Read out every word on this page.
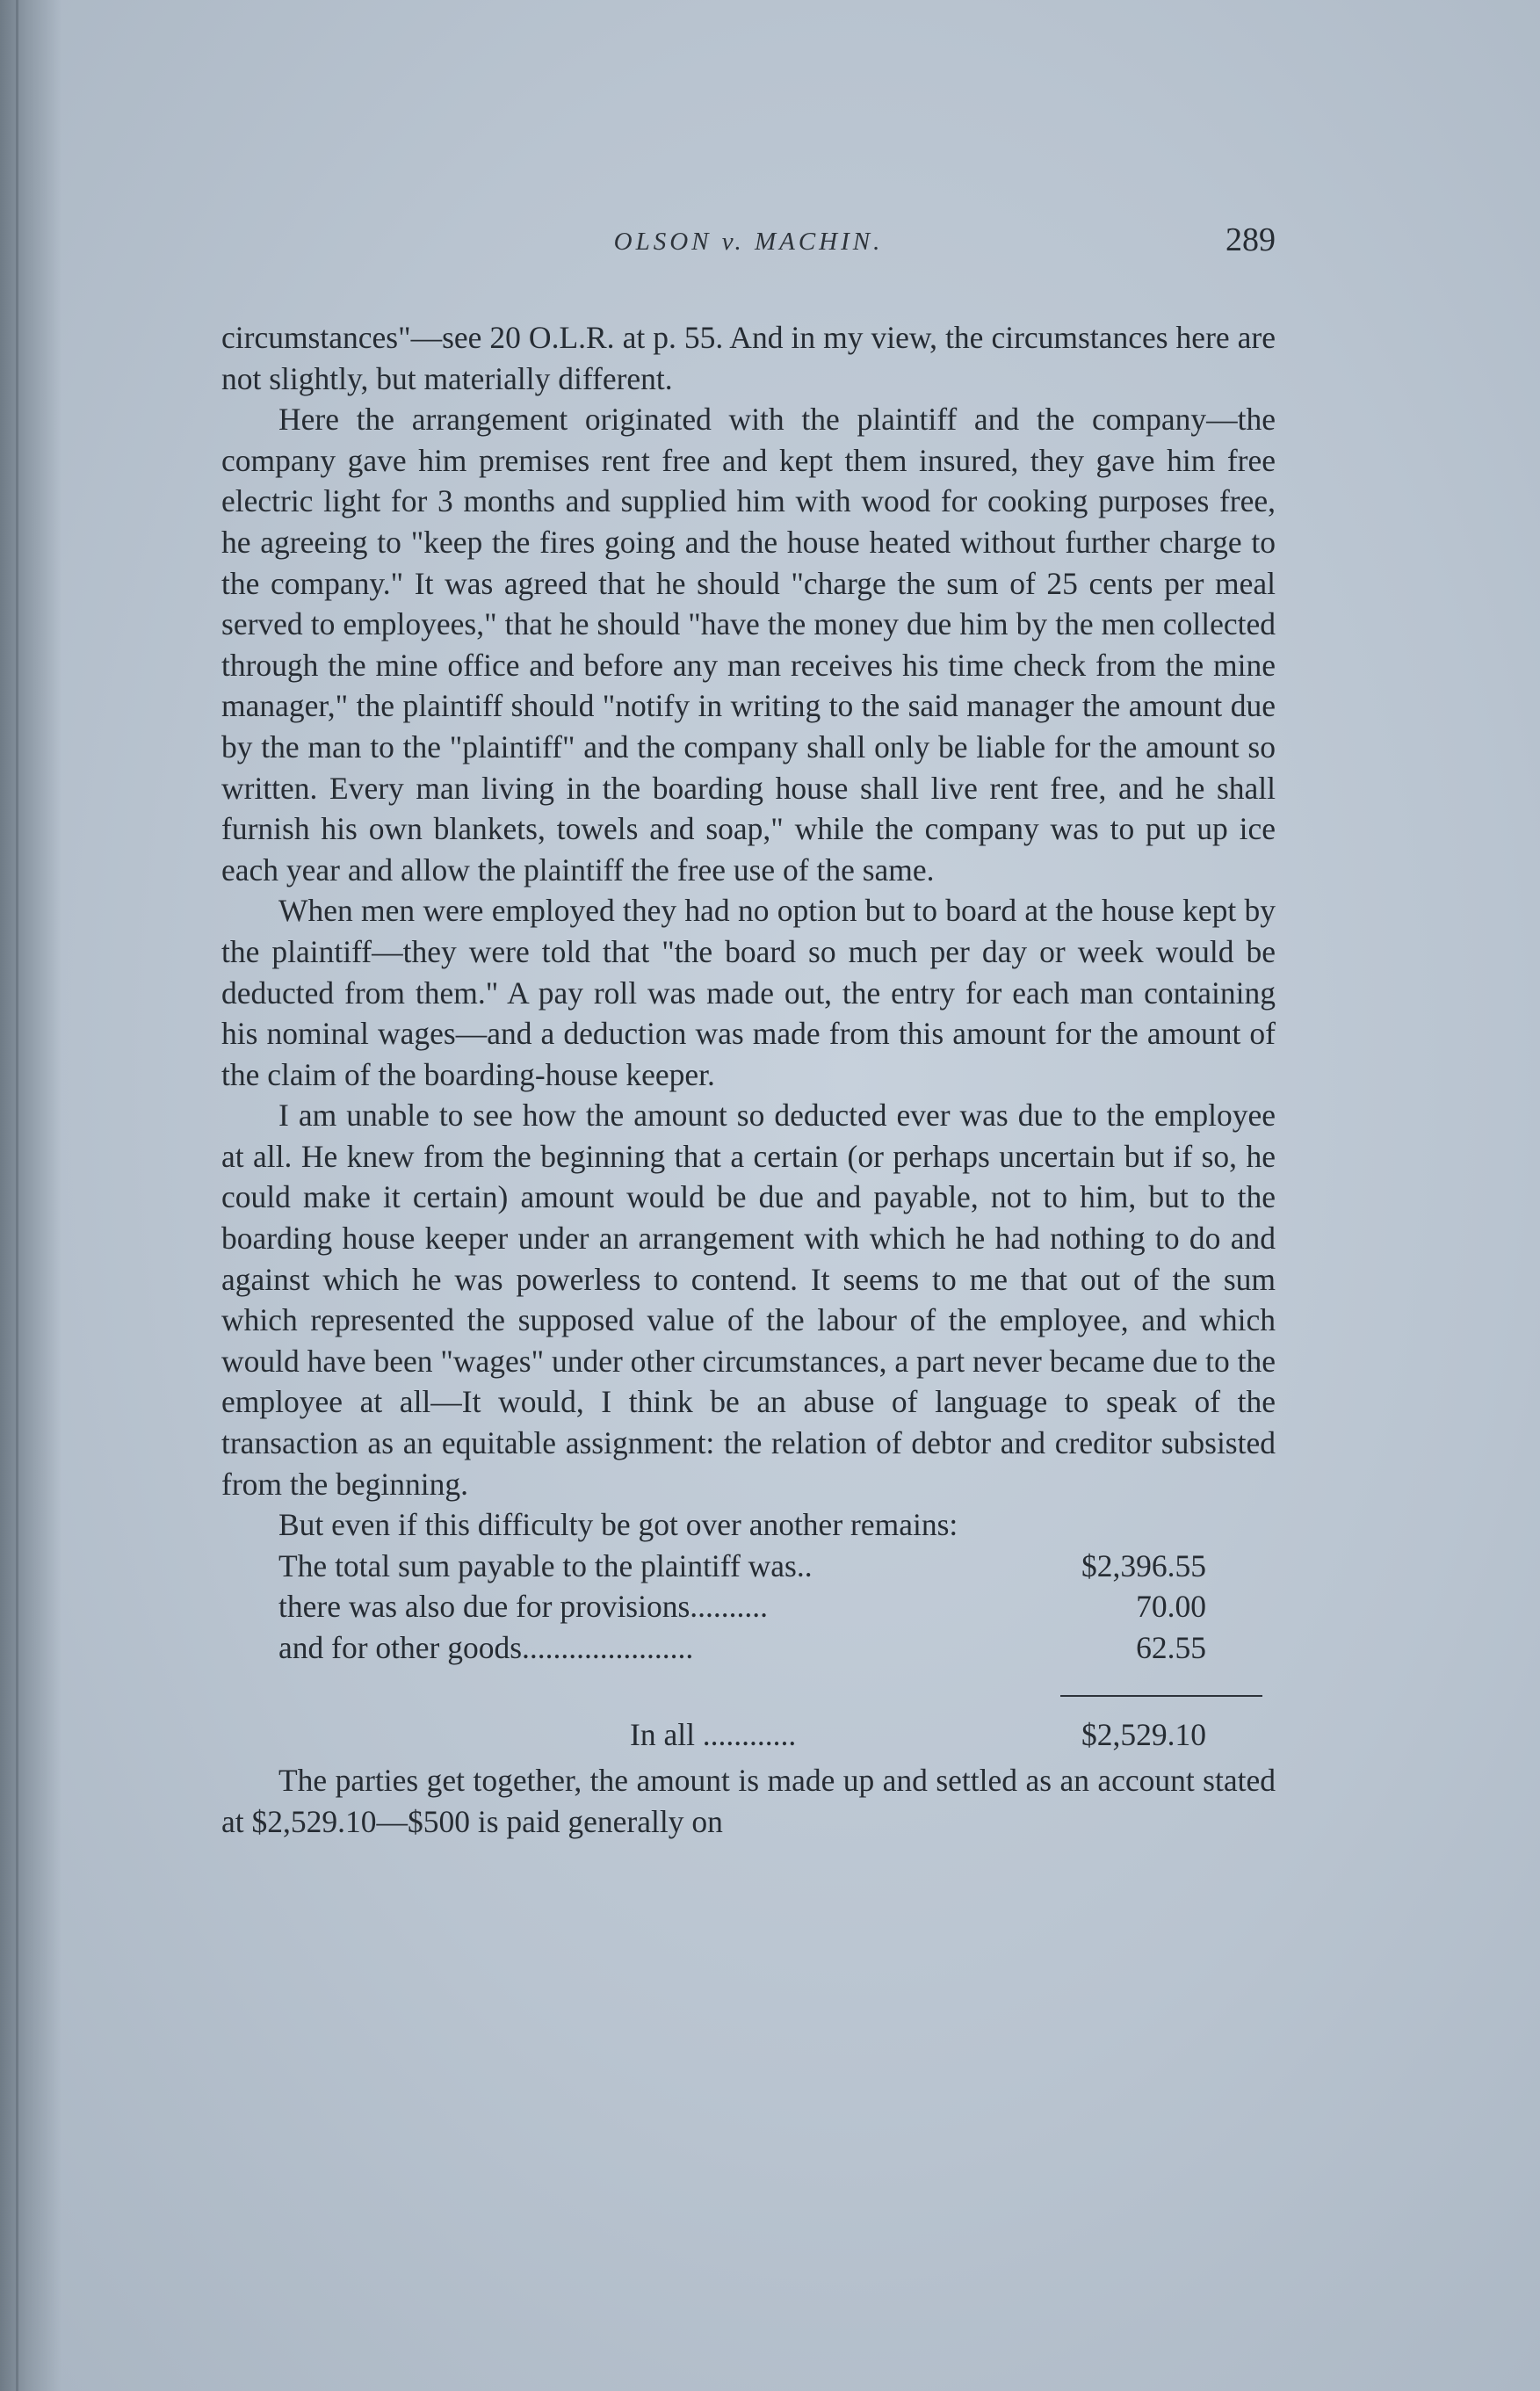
OLSON v. MACHIN.	289

circumstances"—see 20 O.L.R. at p. 55. And in my view, the circumstances here are not slightly, but materially different.

Here the arrangement originated with the plaintiff and the company—the company gave him premises rent free and kept them insured, they gave him free electric light for 3 months and supplied him with wood for cooking purposes free, he agreeing to "keep the fires going and the house heated without further charge to the company." It was agreed that he should "charge the sum of 25 cents per meal served to employees," that he should "have the money due him by the men collected through the mine office and before any man receives his time check from the mine manager," the plaintiff should "notify in writing to the said manager the amount due by the man to the "plaintiff" and the company shall only be liable for the amount so written. Every man living in the boarding house shall live rent free, and he shall furnish his own blankets, towels and soap," while the company was to put up ice each year and allow the plaintiff the free use of the same.

When men were employed they had no option but to board at the house kept by the plaintiff—they were told that "the board so much per day or week would be deducted from them." A pay roll was made out, the entry for each man containing his nominal wages—and a deduction was made from this amount for the amount of the claim of the boarding-house keeper.

I am unable to see how the amount so deducted ever was due to the employee at all. He knew from the beginning that a certain (or perhaps uncertain but if so, he could make it certain) amount would be due and payable, not to him, but to the boarding house keeper under an arrangement with which he had nothing to do and against which he was powerless to contend. It seems to me that out of the sum which represented the supposed value of the labour of the employee, and which would have been "wages" under other circumstances, a part never became due to the employee at all—It would, I think be an abuse of language to speak of the transaction as an equitable assignment: the relation of debtor and creditor subsisted from the beginning.

But even if this difficulty be got over another remains:

The total sum payable to the plaintiff was..	$2,396.55
there was also due for provisions..........	70.00
and for other goods......................	62.55
In all ............	$2,529.10

The parties get together, the amount is made up and settled as an account stated at $2,529.10—$500 is paid generally on
